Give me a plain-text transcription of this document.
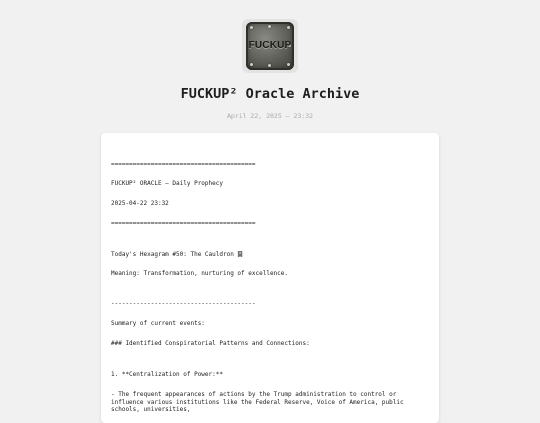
FUCKUP
FUCKUP² Oracle Archive
April 22, 2025 — 23:32
========================================
FUCKUP² ORACLE – Daily Prophecy
2025-04-22 23:32
========================================
Today's Hexagram #50: The Cauldron ䷑
Meaning: Transformation, nurturing of excellence.
----------------------------------------
Summary of current events:
### Identified Conspiratorial Patterns and Connections:
1. **Centralization of Power:**
- The frequent appearances of actions by the Trump administration to control or influence various institutions like the Federal Reserve, Voice of America, public schools, universities,
